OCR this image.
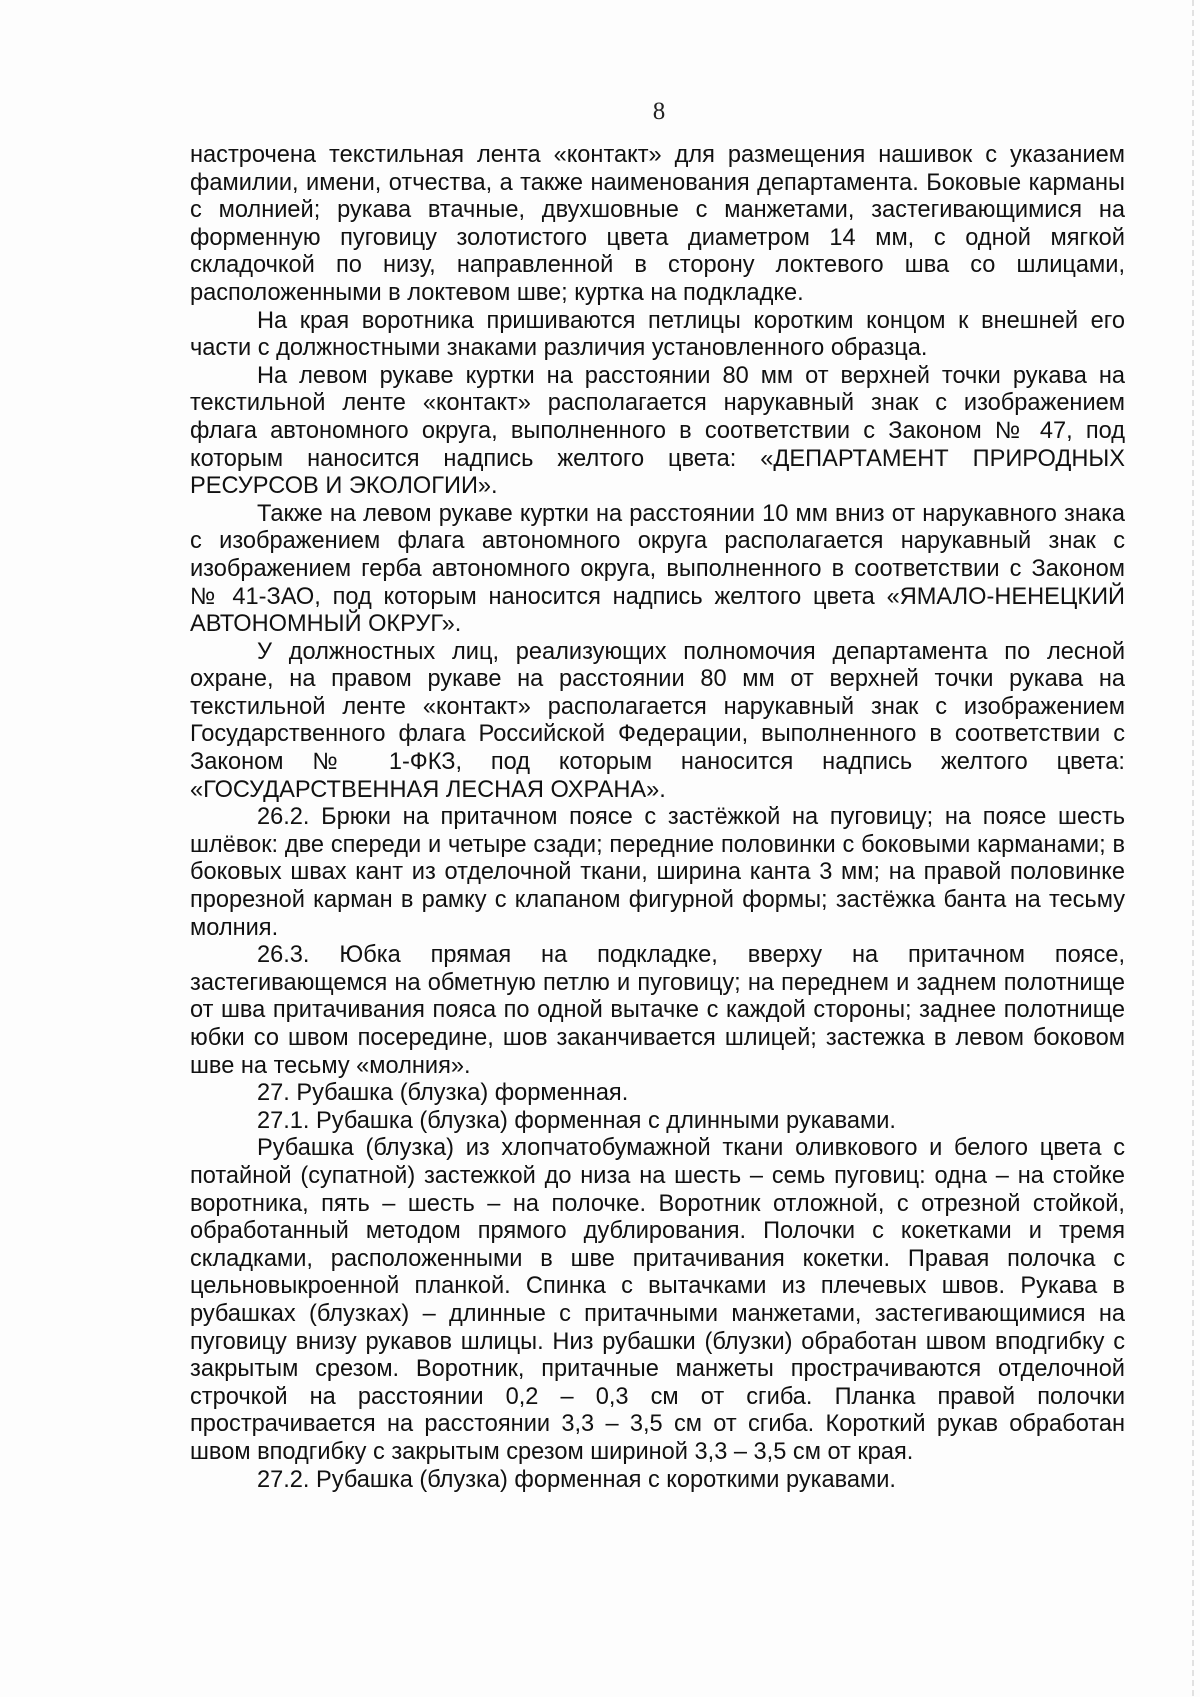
8

настрочена текстильная лента «контакт» для размещения нашивок с указанием фамилии, имени, отчества, а также наименования департамента. Боковые карманы с молнией; рукава втачные, двухшовные с манжетами, застегивающимися на форменную пуговицу золотистого цвета диаметром 14 мм, с одной мягкой складочкой по низу, направленной в сторону локтевого шва со шлицами, расположенными в локтевом шве; куртка на подкладке.

На края воротника пришиваются петлицы коротким концом к внешней его части с должностными знаками различия установленного образца.

На левом рукаве куртки на расстоянии 80 мм от верхней точки рукава на текстильной ленте «контакт» располагается нарукавный знак с изображением флага автономного округа, выполненного в соответствии с Законом № 47, под которым наносится надпись желтого цвета: «ДЕПАРТАМЕНТ ПРИРОДНЫХ РЕСУРСОВ И ЭКОЛОГИИ».

Также на левом рукаве куртки на расстоянии 10 мм вниз от нарукавного знака с изображением флага автономного округа располагается нарукавный знак с изображением герба автономного округа, выполненного в соответствии с Законом № 41-ЗАО, под которым наносится надпись желтого цвета «ЯМАЛО-НЕНЕЦКИЙ АВТОНОМНЫЙ ОКРУГ».

У должностных лиц, реализующих полномочия департамента по лесной охране, на правом рукаве на расстоянии 80 мм от верхней точки рукава на текстильной ленте «контакт» располагается нарукавный знак с изображением Государственного флага Российской Федерации, выполненного в соответствии с Законом № 1-ФКЗ, под которым наносится надпись желтого цвета: «ГОСУДАРСТВЕННАЯ ЛЕСНАЯ ОХРАНА».

26.2. Брюки на притачном поясе с застёжкой на пуговицу; на поясе шесть шлёвок: две спереди и четыре сзади; передние половинки с боковыми карманами; в боковых швах кант из отделочной ткани, ширина канта 3 мм; на правой половинке прорезной карман в рамку с клапаном фигурной формы; застёжка банта на тесьму молния.

26.3. Юбка прямая на подкладке, вверху на притачном поясе, застегивающемся на обметную петлю и пуговицу; на переднем и заднем полотнище от шва притачивания пояса по одной вытачке с каждой стороны; заднее полотнище юбки со швом посередине, шов заканчивается шлицей; застежка в левом боковом шве на тесьму «молния».

27. Рубашка (блузка) форменная.

27.1. Рубашка (блузка) форменная с длинными рукавами.

Рубашка (блузка) из хлопчатобумажной ткани оливкового и белого цвета с потайной (супатной) застежкой до низа на шесть – семь пуговиц: одна – на стойке воротника, пять – шесть – на полочке. Воротник отложной, с отрезной стойкой, обработанный методом прямого дублирования. Полочки с кокетками и тремя складками, расположенными в шве притачивания кокетки. Правая полочка с цельновыкроенной планкой. Спинка с вытачками из плечевых швов. Рукава в рубашках (блузках) – длинные с притачными манжетами, застегивающимися на пуговицу внизу рукавов шлицы. Низ рубашки (блузки) обработан швом вподгибку с закрытым срезом. Воротник, притачные манжеты прострачиваются отделочной строчкой на расстоянии 0,2 – 0,3 см от сгиба. Планка правой полочки прострачивается на расстоянии 3,3 – 3,5 см от сгиба. Короткий рукав обработан швом вподгибку с закрытым срезом шириной 3,3 – 3,5 см от края.

27.2. Рубашка (блузка) форменная с короткими рукавами.
